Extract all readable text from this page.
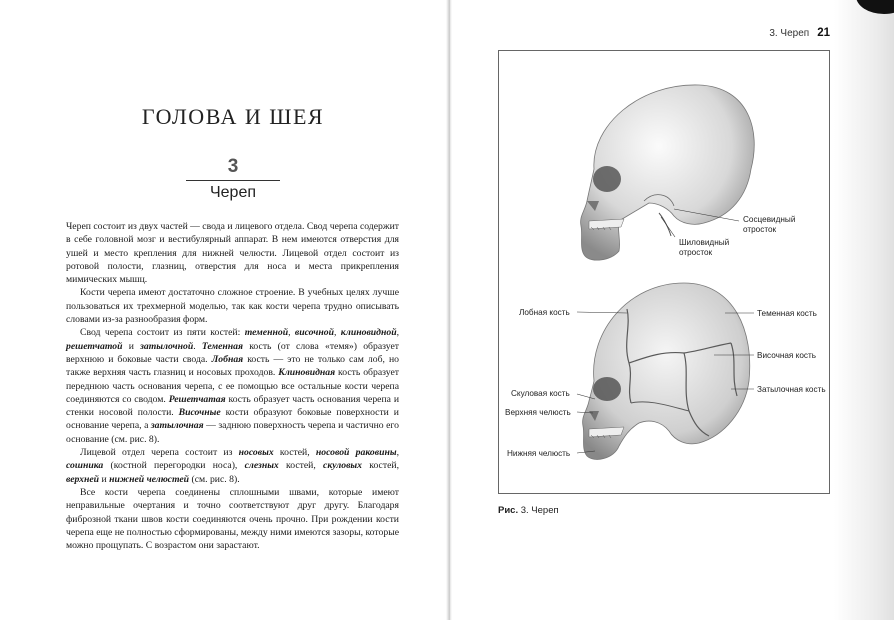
ГОЛОВА И ШЕЯ
3
Череп

Череп состоит из двух частей — свода и лицевого отдела. Свод черепа содержит в себе головной мозг и вестибулярный аппарат. В нем имеются отверстия для ушей и место крепления для нижней челюсти. Лицевой отдел состоит из ротовой полости, глазниц, отверстия для носа и места прикрепления мимических мышц.

Кости черепа имеют достаточно сложное строение. В учебных целях лучше пользоваться их трехмерной моделью, так как кости черепа трудно описывать словами из-за разнообразия форм.

Свод черепа состоит из пяти костей: теменной, височной, клиновидной, решетчатой и затылочной. Теменная кость (от слова «темя») образует верхнюю и боковые части свода. Лобная кость — это не только сам лоб, но также верхняя часть глазниц и носовых проходов. Клиновидная кость образует переднюю часть основания черепа, с ее помощью все остальные кости черепа соединяются со сводом. Решетчатая кость образует часть основания черепа и стенки носовой полости. Височные кости образуют боковые поверхности и основание черепа, а затылочная — заднюю поверхность черепа и частично его основание (см. рис. 8).

Лицевой отдел черепа состоит из носовых костей, носовой раковины, сошника (костной перегородки носа), слезных костей, скуловых костей, верхней и нижней челюстей (см. рис. 8).

Все кости черепа соединены сплошными швами, которые имеют неправильные очертания и точно соответствуют друг другу. Благодаря фиброзной ткани швов кости соединяются очень прочно. При рождении кости черепа еще не полностью сформированы, между ними имеются зазоры, которые можно прощупать. С возрастом они зарастают.

3. Череп 21
Сосцевидный
отросток
Шиловидный
отросток
Лобная кость	Теменная кость
Височная кость
Затылочная кость
Скуловая кость
Верхняя челюсть
Нижняя челюсть
Рис. 3. Череп
